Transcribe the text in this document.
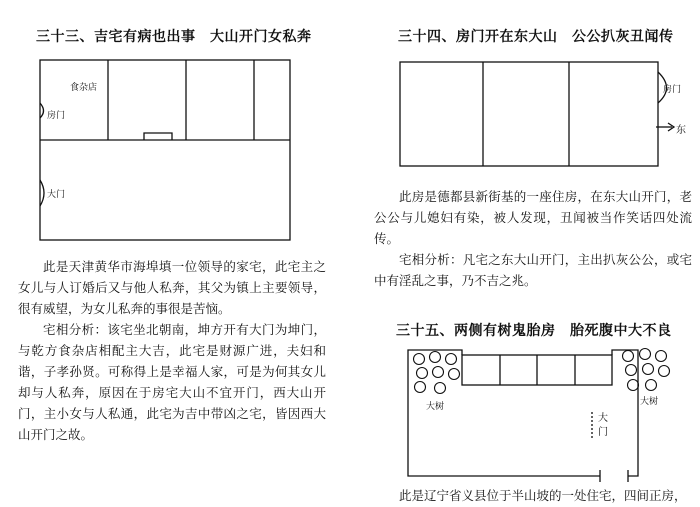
三十三、吉宅有病也出事　大山开门女私奔
食杂店
房门
大门

此是天津黄华市海埠填一位领导的家宅，此宅主之女儿与人订婚后又与他人私奔，其父为镇上主要领导，很有威望，为女儿私奔的事很是苦恼。

宅相分析：该宅坐北朝南，坤方开有大门为坤门，与乾方食杂店相配主大吉，此宅是财源广进，夫妇和谐，子孝孙贤。可称得上是幸福人家，可是为何其女儿却与人私奔，原因在于房宅大山不宜开门，西大山开门，主小女与人私通，此宅为吉中带凶之宅，皆因西大山开门之故。

三十四、房门开在东大山　公公扒灰丑闻传
房门
东

此房是德都县新街基的一座住房，在东大山开门，老公公与儿媳妇有染，被人发现，丑闻被当作笑话四处流传。

宅相分析：凡宅之东大山开门，主出扒灰公公，或宅中有淫乱之事，乃不吉之兆。

三十五、两侧有树鬼胎房　胎死腹中大不良
大树	大树
大门

此是辽宁省义县位于半山坡的一处住宅，四间正房，
